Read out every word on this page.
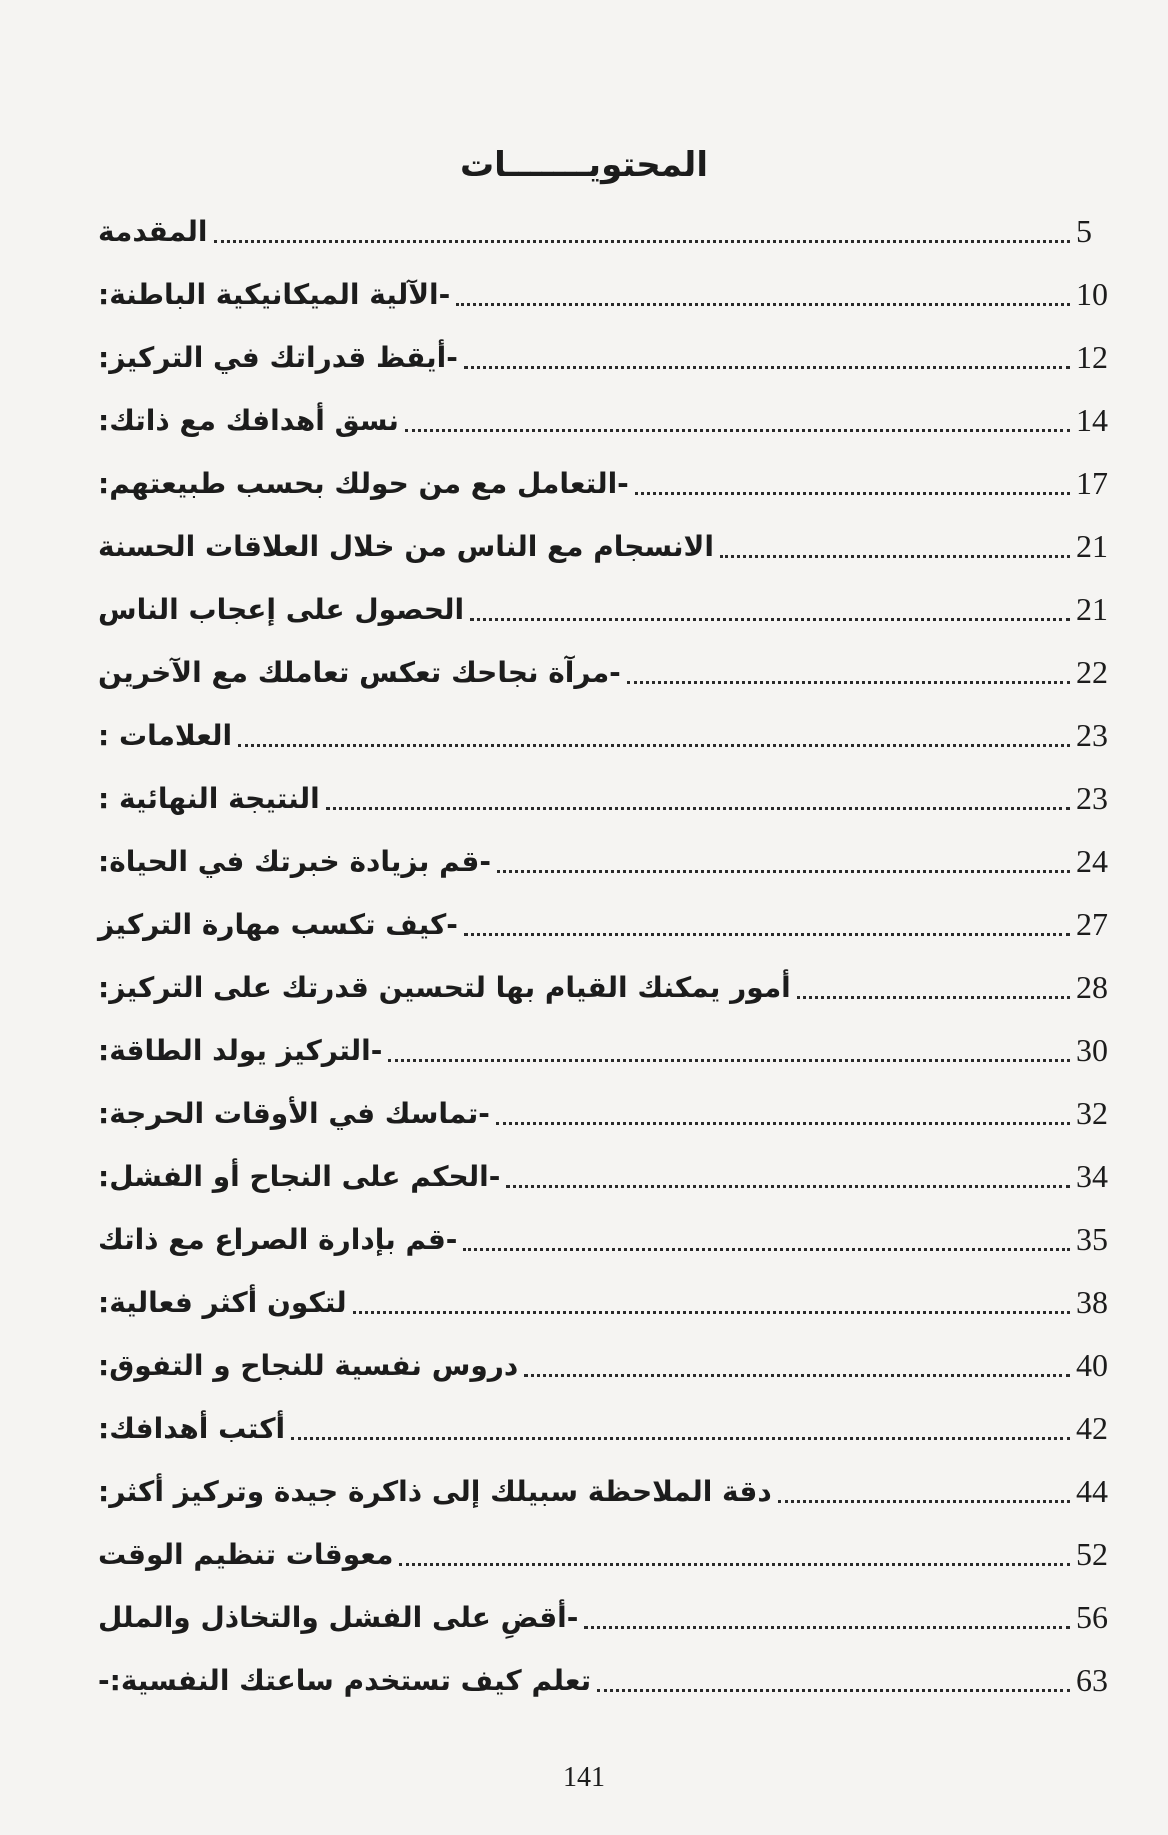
المحتويـــــــات
المقدمة	5
-الآلية الميكانيكية الباطنة:	10
-أيقظ قدراتك في التركيز:	12
نسق أهدافك مع ذاتك:	14
-التعامل مع من حولك بحسب طبيعتهم:	17
الانسجام مع الناس من خلال العلاقات الحسنة	21
الحصول على إعجاب الناس	21
-مرآة نجاحك تعكس تعاملك مع الآخرين	22
العلامات :	23
النتيجة النهائية :	23
-قم بزيادة خبرتك في الحياة:	24
-كيف تكسب مهارة التركيز	27
أمور يمكنك القيام بها لتحسين قدرتك على التركيز:	28
-التركيز يولد الطاقة:	30
-تماسك في الأوقات الحرجة:	32
-الحكم على النجاح أو الفشل:	34
-قم بإدارة الصراع مع ذاتك	35
لتكون أكثر فعالية:	38
دروس نفسية للنجاح و التفوق:	40
أكتب أهدافك:	42
دقة الملاحظة سبيلك إلى ذاكرة جيدة وتركيز أكثر:	44
معوقات تنظيم الوقت	52
-أقضِ على الفشل والتخاذل والملل	56
تعلم كيف تستخدم ساعتك النفسية:-	63
141
